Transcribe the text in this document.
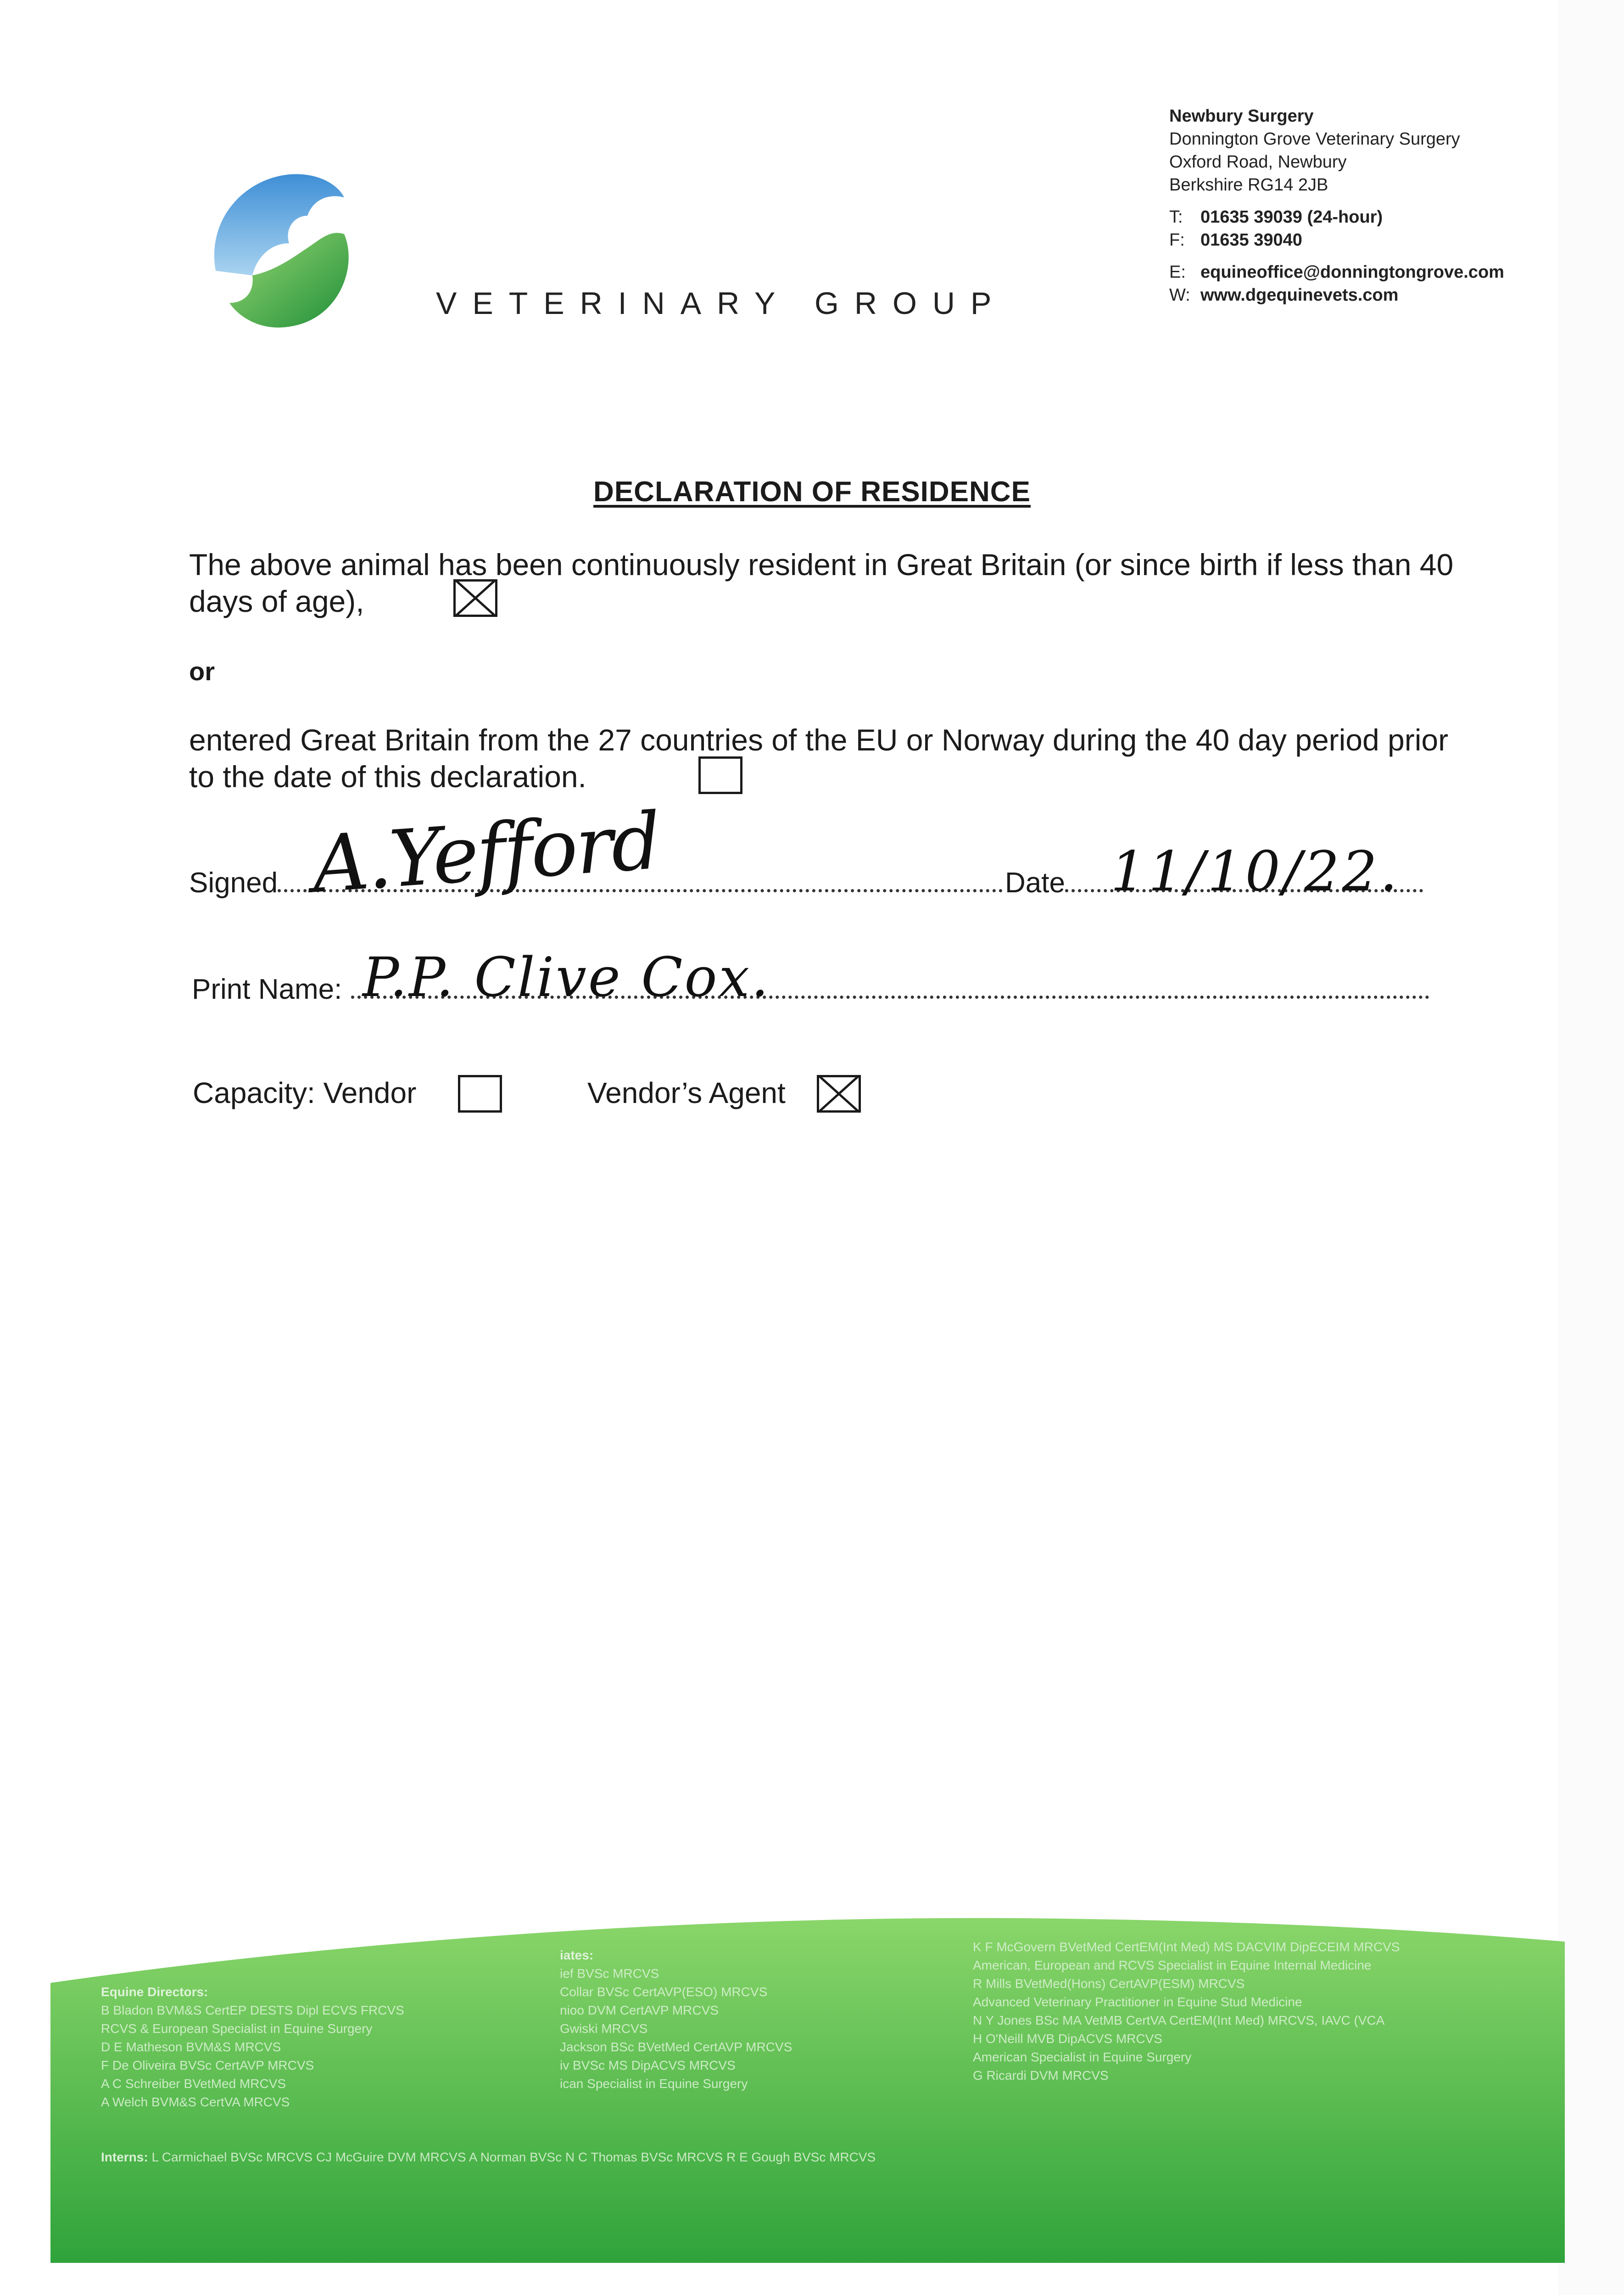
VETERINARY GROUP
Newbury Surgery
Donnington Grove Veterinary Surgery
Oxford Road, Newbury
Berkshire RG14 2JB
T: 01635 39039 (24-hour)
F: 01635 39040
E: equineoffice@donningtongrove.com
W: www.dgequinevets.com
DECLARATION OF RESIDENCE
The above animal has been continuously resident in Great Britain (or since birth if less than 40 days of age),
or
entered Great Britain from the 27 countries of the EU or Norway during the 40 day period prior to the date of this declaration.
Signed A.Yefford	Date 11/10/22.
Print Name: P.P. Clive Cox.
Capacity: Vendor	Vendor’s Agent
Equine Directors:
B Bladon BVM&S CertEP DESTS Dipl ECVS FRCVS
RCVS & European Specialist in Equine Surgery
D E Matheson BVM&S MRCVS
F De Oliveira BVSc CertAVP MRCVS
A C Schreiber BVetMed MRCVS
A Welch BVM&S CertVA MRCVS
iates:
ief BVSc MRCVS
Collar BVSc CertAVP(ESO) MRCVS
nioo DVM CertAVP MRCVS
Gwiski MRCVS
Jackson BSc BVetMed CertAVP MRCVS
iv BVSc MS DipACVS MRCVS
ican Specialist in Equine Surgery
K F McGovern BVetMed CertEM(Int Med) MS DACVIM DipECEIM MRCVS
American, European and RCVS Specialist in Equine Internal Medicine
R Mills BVetMed(Hons) CertAVP(ESM) MRCVS
Advanced Veterinary Practitioner in Equine Stud Medicine
N Y Jones BSc MA VetMB CertVA CertEM(Int Med) MRCVS, IAVC (VCA
H O'Neill MVB DipACVS MRCVS
American Specialist in Equine Surgery
G Ricardi DVM MRCVS
Interns: L Carmichael BVSc MRCVS CJ McGuire DVM MRCVS A Norman BVSc N C Thomas BVSc MRCVS R E Gough BVSc MRCVS
